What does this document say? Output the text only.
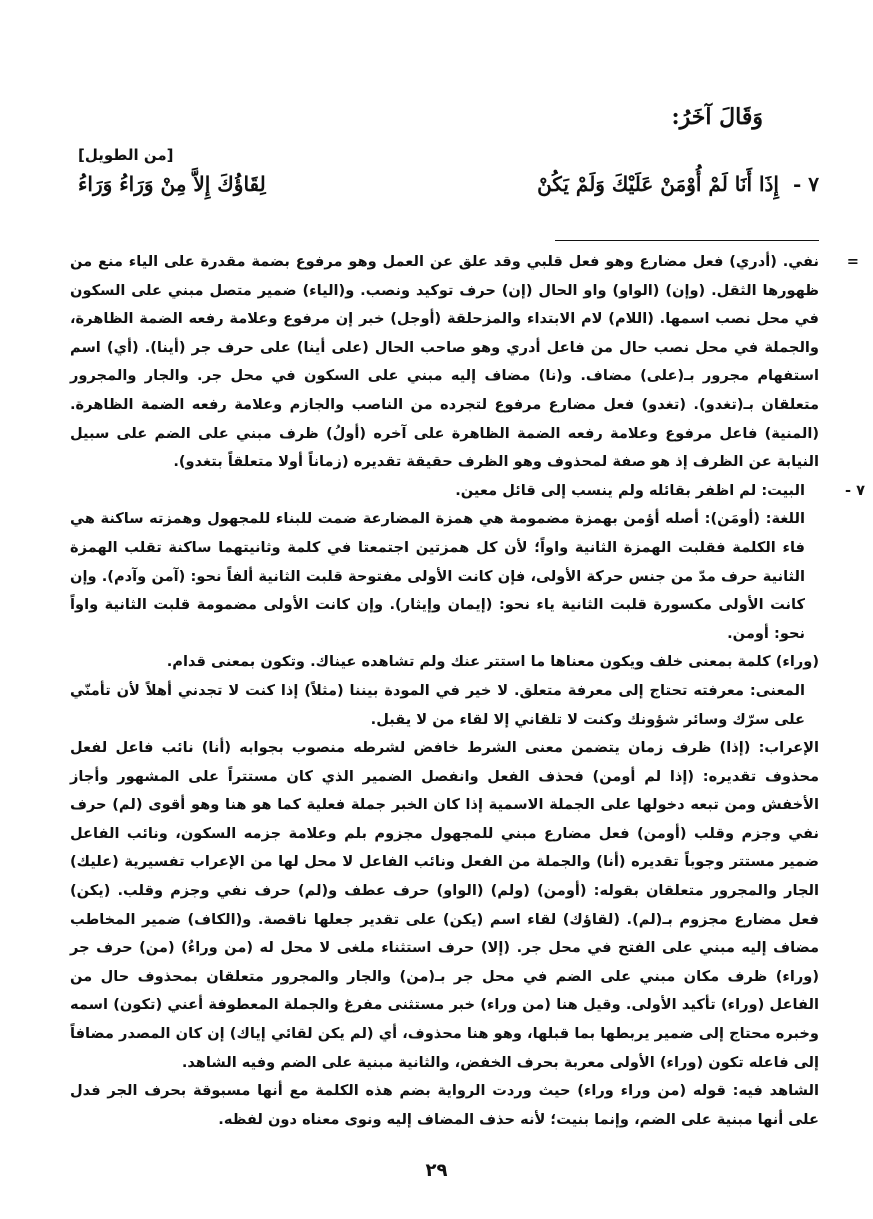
وَقَالَ آخَرُ:
[من الطويل]
٧ -
إِذَا أَنَا لَمْ أُوْمَنْ عَلَيْكَ وَلَمْ يَكُنْ
لِقَاؤُكَ إِلاَّ مِنْ وَرَاءُ وَرَاءُ
=

نفي. (أدري) فعل مضارع وهو فعل قلبي وقد علق عن العمل وهو مرفوع بضمة مقدرة على الياء منع من ظهورها الثقل. (وإن) (الواو) واو الحال (إن) حرف توكيد ونصب. و(الياء) ضمير متصل مبني على السكون في محل نصب اسمها. (اللام) لام الابتداء والمزحلقة (أوجل) خبر إن مرفوع وعلامة رفعه الضمة الظاهرة، والجملة في محل نصب حال من فاعل أدري وهو صاحب الحال (على أينا) على حرف جر (أينا). (أي) اسم استفهام مجرور بـ(على) مضاف. و(نا) مضاف إليه مبني على السكون في محل جر. والجار والمجرور متعلقان بـ(تغدو). (تغدو) فعل مضارع مرفوع لتجرده من الناصب والجازم وعلامة رفعه الضمة الظاهرة. (المنية) فاعل مرفوع وعلامة رفعه الضمة الظاهرة على آخره (أولُ) ظرف مبني على الضم على سبيل النيابة عن الظرف إذ هو صفة لمحذوف وهو الظرف حقيقة تقديره (زماناً أولا متعلقاً بتغدو).

٧ -

البيت: لم اظفر بقائله ولم ينسب إلى قائل معين.

اللغة: (أومَن): أصله أؤمن بهمزة مضمومة هي همزة المضارعة ضمت للبناء للمجهول وهمزته ساكنة هي فاء الكلمة فقلبت الهمزة الثانية واواً؛ لأن كل همزتين اجتمعتا في كلمة وثانيتهما ساكنة تقلب الهمزة الثانية حرف مدّ من جنس حركة الأولى، فإن كانت الأولى مفتوحة قلبت الثانية ألفاً نحو: (آمن وآدم). وإن كانت الأولى مكسورة قلبت الثانية ياء نحو: (إيمان وإيثار). وإن كانت الأولى مضمومة قلبت الثانية واواً نحو: أومن.

(وراء) كلمة بمعنى خلف ويكون معناها ما استتر عنك ولم تشاهده عيناك. وتكون بمعنى قدام.

المعنى: معرفته تحتاج إلى معرفة متعلق. لا خير في المودة بيننا (مثلاً) إذا كنت لا تجدني أهلاً لأن تأمنّي على سرّك وسائر شؤونك وكنت لا تلقاني إلا لقاء من لا يقبل.

الإعراب: (إذا) ظرف زمان يتضمن معنى الشرط خافض لشرطه منصوب بجوابه (أنا) نائب فاعل لفعل محذوف تقديره: (إذا لم أومن) فحذف الفعل وانفصل الضمير الذي كان مستتراً على المشهور وأجاز الأخفش ومن تبعه دخولها على الجملة الاسمية إذا كان الخبر جملة فعلية كما هو هنا وهو أقوى (لم) حرف نفي وجزم وقلب (أومن) فعل مضارع مبني للمجهول مجزوم بلم وعلامة جزمه السكون، ونائب الفاعل ضمير مستتر وجوباً تقديره (أنا) والجملة من الفعل ونائب الفاعل لا محل لها من الإعراب تفسيرية (عليك) الجار والمجرور متعلقان بقوله: (أومن) (ولم) (الواو) حرف عطف و(لم) حرف نفي وجزم وقلب. (يكن) فعل مضارع مجزوم بـ(لم). (لقاؤك) لقاء اسم (يكن) على تقدير جعلها ناقصة. و(الكاف) ضمير المخاطب مضاف إليه مبني على الفتح في محل جر. (إلا) حرف استثناء ملغى لا محل له (من وراءُ) (من) حرف جر (وراء) ظرف مكان مبني على الضم في محل جر بـ(من) والجار والمجرور متعلقان بمحذوف حال من الفاعل (وراء) تأكيد الأولى. وقيل هنا (من وراء) خبر مستثنى مفرغ والجملة المعطوفة أعني (تكون) اسمه وخبره محتاج إلى ضمير يربطها بما قبلها، وهو هنا محذوف، أي (لم يكن لقائي إياك) إن كان المصدر مضافاً إلى فاعله تكون (وراء) الأولى معربة بحرف الخفض، والثانية مبنية على الضم وفيه الشاهد.

الشاهد فيه: قوله (من وراء وراء) حيث وردت الرواية بضم هذه الكلمة مع أنها مسبوقة بحرف الجر فدل على أنها مبنية على الضم، وإنما بنيت؛ لأنه حذف المضاف إليه ونوى معناه دون لفظه.

٢٩
